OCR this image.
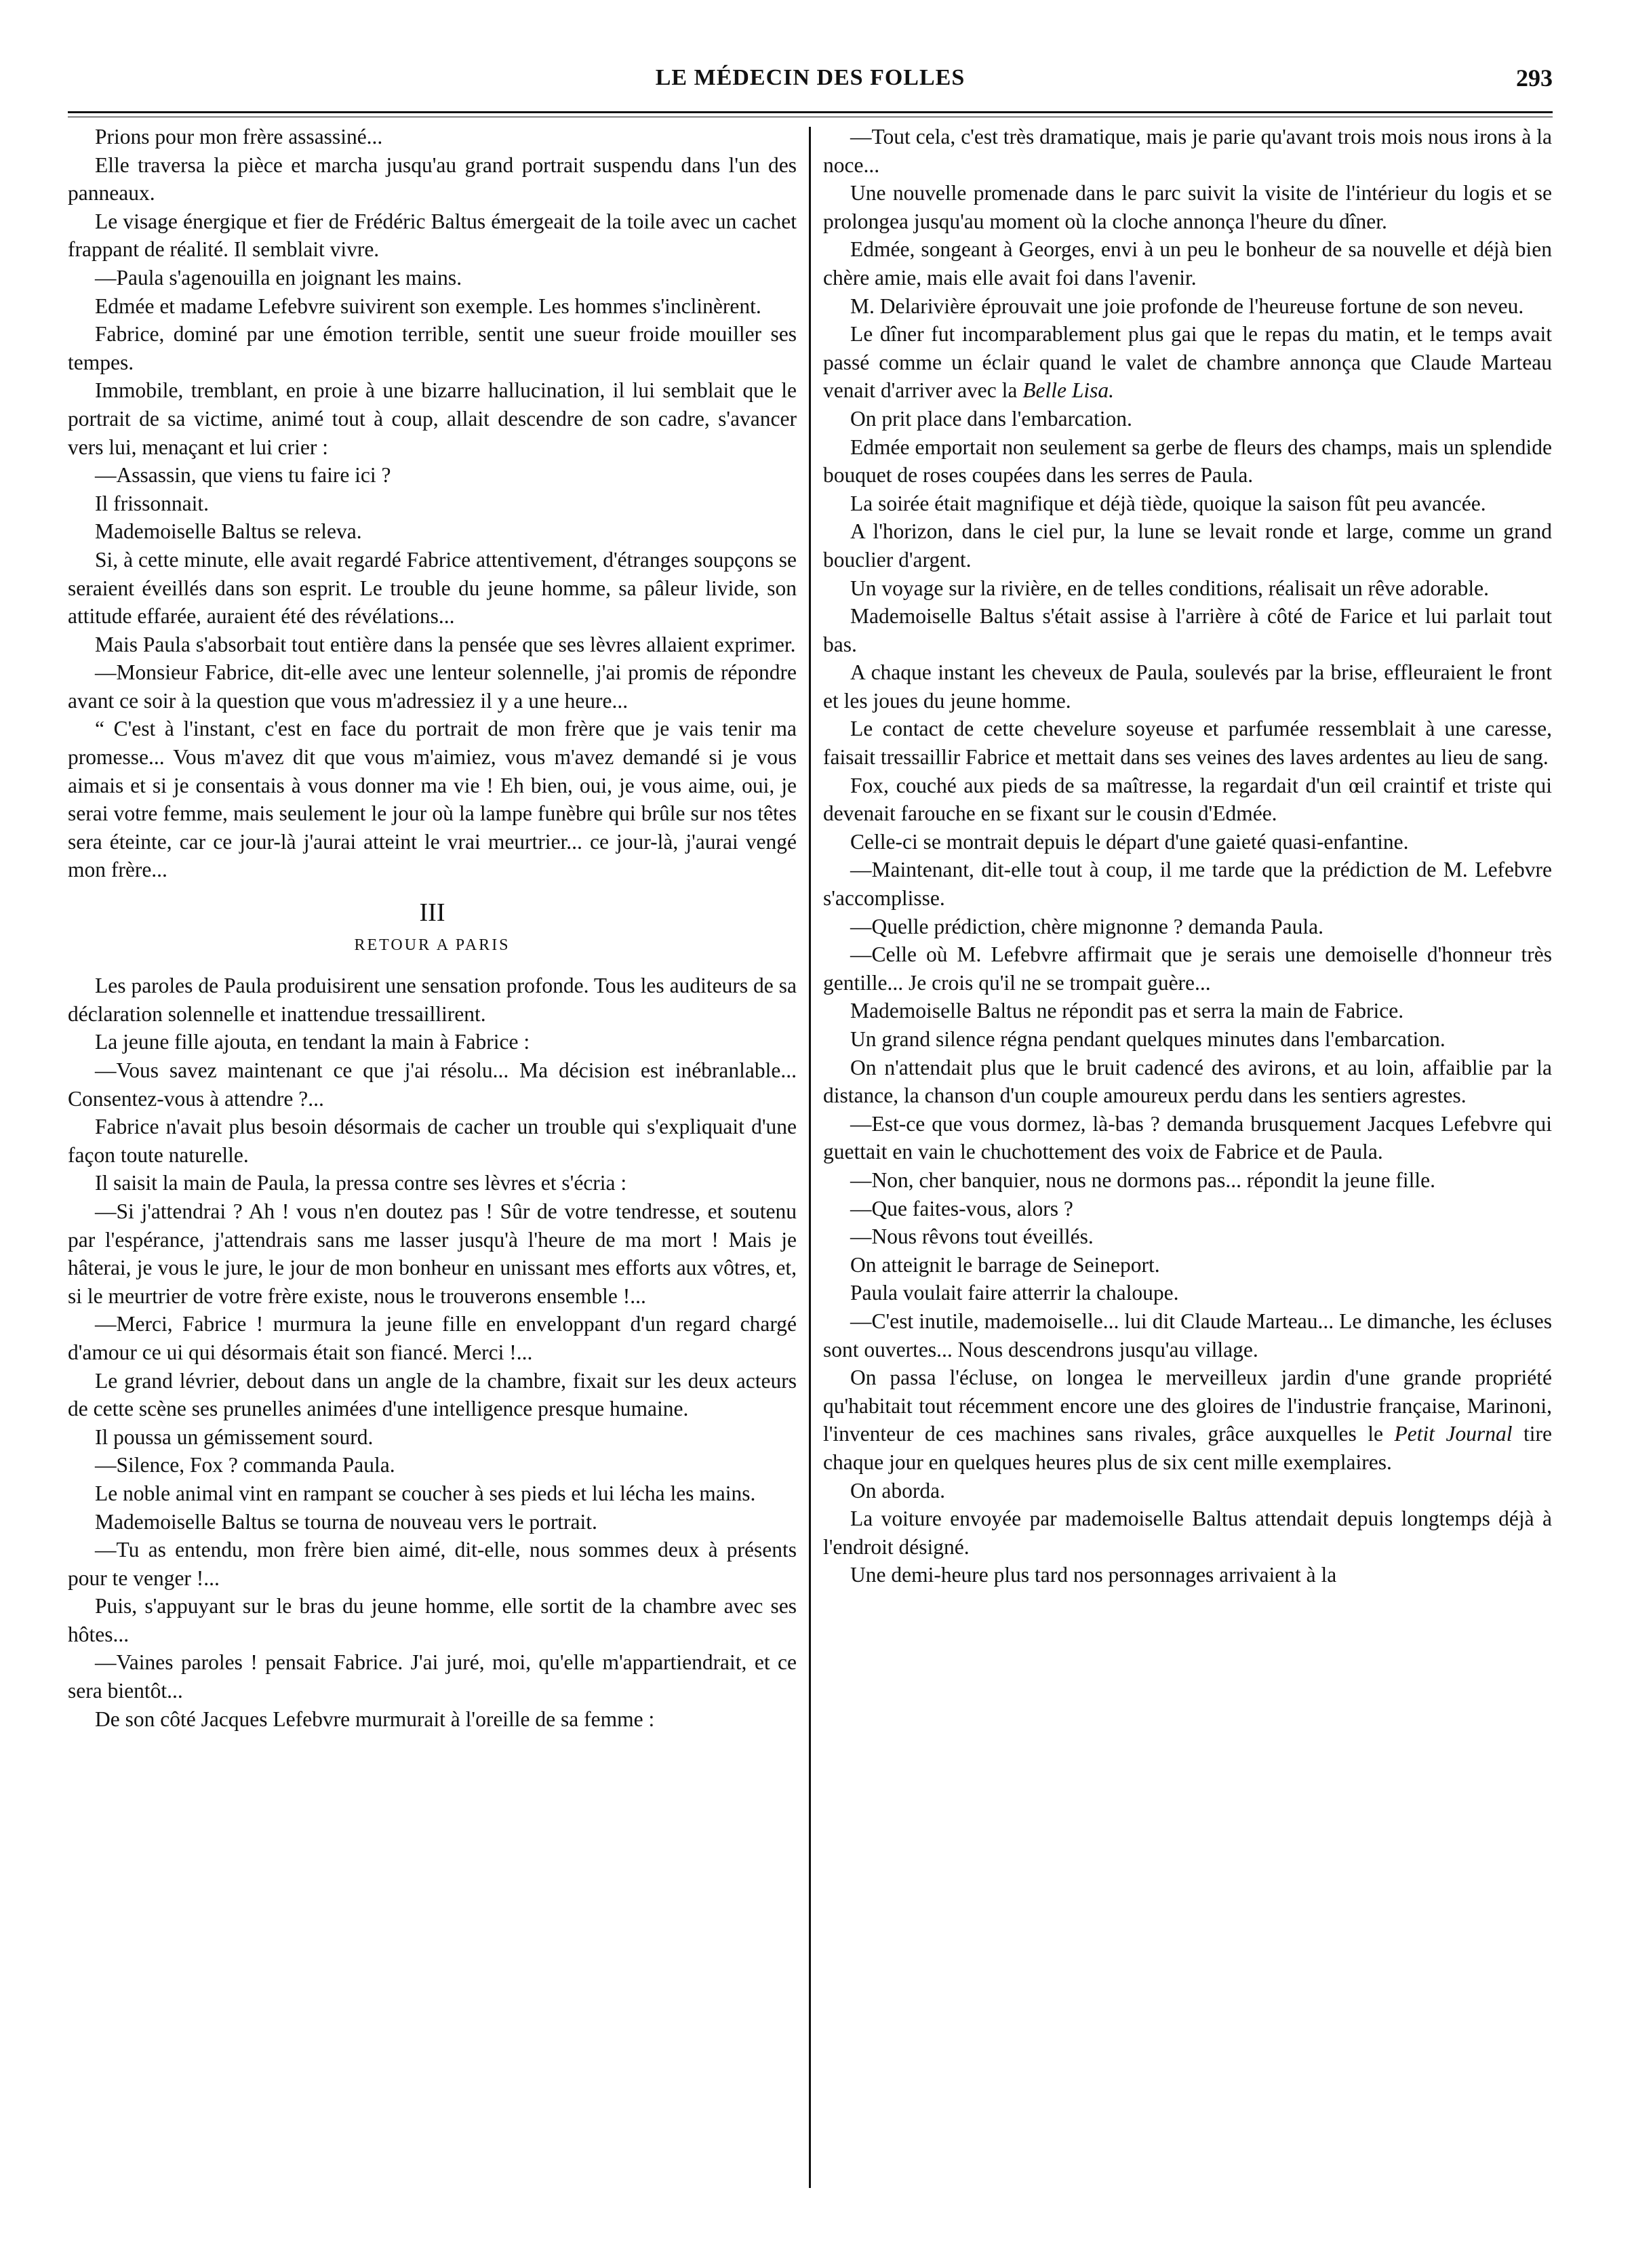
LE MÉDECIN DES FOLLES	293

Prions pour mon frère assassiné...

Elle traversa la pièce et marcha jusqu'au grand portrait suspendu dans l'un des panneaux.

Le visage énergique et fier de Frédéric Baltus émergeait de la toile avec un cachet frappant de réalité. Il semblait vivre.

—Paula s'agenouilla en joignant les mains.

Edmée et madame Lefebvre suivirent son exemple. Les hommes s'inclinèrent.

Fabrice, dominé par une émotion terrible, sentit une sueur froide mouiller ses tempes.

Immobile, tremblant, en proie à une bizarre hallucination, il lui semblait que le portrait de sa victime, animé tout à coup, allait descendre de son cadre, s'avancer vers lui, menaçant et lui crier :

—Assassin, que viens tu faire ici ?

Il frissonnait.

Mademoiselle Baltus se releva.

Si, à cette minute, elle avait regardé Fabrice attentivement, d'étranges soupçons se seraient éveillés dans son esprit. Le trouble du jeune homme, sa pâleur livide, son attitude effarée, auraient été des révélations...

Mais Paula s'absorbait tout entière dans la pensée que ses lèvres allaient exprimer.

—Monsieur Fabrice, dit-elle avec une lenteur solennelle, j'ai promis de répondre avant ce soir à la question que vous m'adressiez il y a une heure...

“ C'est à l'instant, c'est en face du portrait de mon frère que je vais tenir ma promesse... Vous m'avez dit que vous m'aimiez, vous m'avez demandé si je vous aimais et si je consentais à vous donner ma vie ! Eh bien, oui, je vous aime, oui, je serai votre femme, mais seulement le jour où la lampe funèbre qui brûle sur nos têtes sera éteinte, car ce jour-là j'aurai atteint le vrai meurtrier... ce jour-là, j'aurai vengé mon frère...

III
RETOUR A PARIS

Les paroles de Paula produisirent une sensation profonde. Tous les auditeurs de sa déclaration solennelle et inattendue tressaillirent.

La jeune fille ajouta, en tendant la main à Fabrice :

—Vous savez maintenant ce que j'ai résolu... Ma décision est inébranlable... Consentez-vous à attendre ?...

Fabrice n'avait plus besoin désormais de cacher un trouble qui s'expliquait d'une façon toute naturelle.

Il saisit la main de Paula, la pressa contre ses lèvres et s'écria :

—Si j'attendrai ? Ah ! vous n'en doutez pas ! Sûr de votre tendresse, et soutenu par l'espérance, j'attendrais sans me lasser jusqu'à l'heure de ma mort ! Mais je hâterai, je vous le jure, le jour de mon bonheur en unissant mes efforts aux vôtres, et, si le meurtrier de votre frère existe, nous le trouverons ensemble !...

—Merci, Fabrice ! murmura la jeune fille en enveloppant d'un regard chargé d'amour ce ui qui désormais était son fiancé. Merci !...

Le grand lévrier, debout dans un angle de la chambre, fixait sur les deux acteurs de cette scène ses prunelles animées d'une intelligence presque humaine.

Il poussa un gémissement sourd.

—Silence, Fox ? commanda Paula.

Le noble animal vint en rampant se coucher à ses pieds et lui lécha les mains.

Mademoiselle Baltus se tourna de nouveau vers le portrait.

—Tu as entendu, mon frère bien aimé, dit-elle, nous sommes deux à présents pour te venger !...

Puis, s'appuyant sur le bras du jeune homme, elle sortit de la chambre avec ses hôtes...

—Vaines paroles ! pensait Fabrice. J'ai juré, moi, qu'elle m'appartiendrait, et ce sera bientôt...

De son côté Jacques Lefebvre murmurait à l'oreille de sa femme :

—Tout cela, c'est très dramatique, mais je parie qu'avant trois mois nous irons à la noce...

Une nouvelle promenade dans le parc suivit la visite de l'intérieur du logis et se prolongea jusqu'au moment où la cloche annonça l'heure du dîner.

Edmée, songeant à Georges, envi à un peu le bonheur de sa nouvelle et déjà bien chère amie, mais elle avait foi dans l'avenir.

M. Delarivière éprouvait une joie profonde de l'heureuse fortune de son neveu.

Le dîner fut incomparablement plus gai que le repas du matin, et le temps avait passé comme un éclair quand le valet de chambre annonça que Claude Marteau venait d'arriver avec la Belle Lisa.

On prit place dans l'embarcation.

Edmée emportait non seulement sa gerbe de fleurs des champs, mais un splendide bouquet de roses coupées dans les serres de Paula.

La soirée était magnifique et déjà tiède, quoique la saison fût peu avancée.

A l'horizon, dans le ciel pur, la lune se levait ronde et large, comme un grand bouclier d'argent.

Un voyage sur la rivière, en de telles conditions, réalisait un rêve adorable.

Mademoiselle Baltus s'était assise à l'arrière à côté de Farice et lui parlait tout bas.

A chaque instant les cheveux de Paula, soulevés par la brise, effleuraient le front et les joues du jeune homme.

Le contact de cette chevelure soyeuse et parfumée ressemblait à une caresse, faisait tressaillir Fabrice et mettait dans ses veines des laves ardentes au lieu de sang.

Fox, couché aux pieds de sa maîtresse, la regardait d'un œil craintif et triste qui devenait farouche en se fixant sur le cousin d'Edmée.

Celle-ci se montrait depuis le départ d'une gaieté quasi-enfantine.

—Maintenant, dit-elle tout à coup, il me tarde que la prédiction de M. Lefebvre s'accomplisse.

—Quelle prédiction, chère mignonne ? demanda Paula.

—Celle où M. Lefebvre affirmait que je serais une demoiselle d'honneur très gentille... Je crois qu'il ne se trompait guère...

Mademoiselle Baltus ne répondit pas et serra la main de Fabrice.

Un grand silence régna pendant quelques minutes dans l'embarcation.

On n'attendait plus que le bruit cadencé des avirons, et au loin, affaiblie par la distance, la chanson d'un couple amoureux perdu dans les sentiers agrestes.

—Est-ce que vous dormez, là-bas ? demanda brusquement Jacques Lefebvre qui guettait en vain le chuchottement des voix de Fabrice et de Paula.

—Non, cher banquier, nous ne dormons pas... répondit la jeune fille.

—Que faites-vous, alors ?

—Nous rêvons tout éveillés.

On atteignit le barrage de Seineport.

Paula voulait faire atterrir la chaloupe.

—C'est inutile, mademoiselle... lui dit Claude Marteau... Le dimanche, les écluses sont ouvertes... Nous descendrons jusqu'au village.

On passa l'écluse, on longea le merveilleux jardin d'une grande propriété qu'habitait tout récemment encore une des gloires de l'industrie française, Marinoni, l'inventeur de ces machines sans rivales, grâce auxquelles le Petit Journal tire chaque jour en quelques heures plus de six cent mille exemplaires.

On aborda.

La voiture envoyée par mademoiselle Baltus attendait depuis longtemps déjà à l'endroit désigné.

Une demi-heure plus tard nos personnages arrivaient à la
